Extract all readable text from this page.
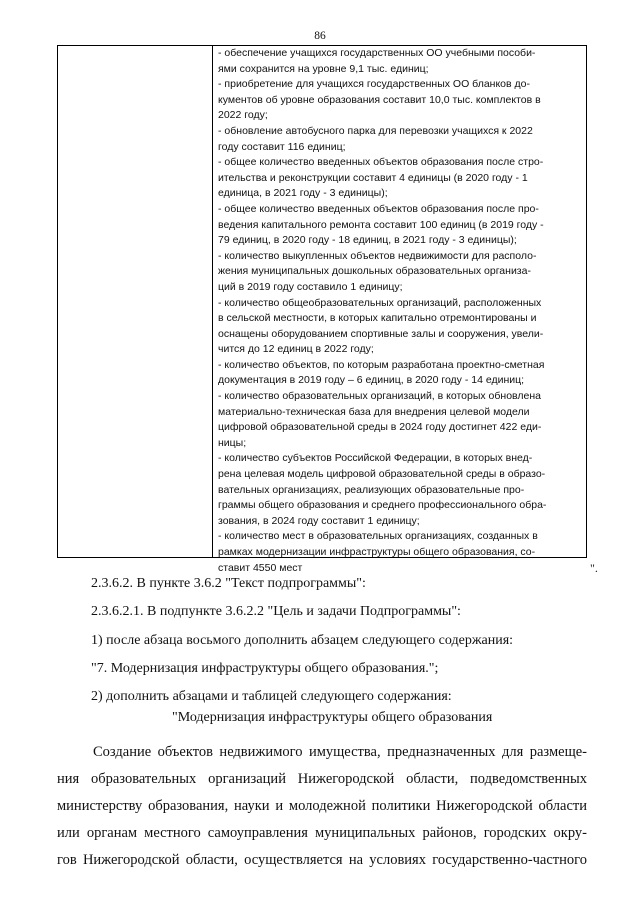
86
- обеспечение учащихся государственных ОО учебными пособи-
ями сохранится на уровне 9,1 тыс. единиц;
- приобретение для учащихся государственных ОО бланков до-
кументов об уровне образования составит 10,0 тыс. комплектов в
2022 году;
- обновление автобусного парка для перевозки учащихся к 2022
году составит 116 единиц;
- общее количество введенных объектов образования после стро-
ительства и реконструкции составит 4 единицы (в 2020 году - 1
единица, в 2021 году - 3 единицы);
- общее количество введенных объектов образования после про-
ведения капитального ремонта составит 100 единиц (в 2019 году -
79 единиц, в 2020 году - 18 единиц, в 2021 году - 3 единицы);
- количество выкупленных объектов недвижимости для располо-
жения муниципальных дошкольных образовательных организа-
ций в 2019 году составило 1 единицу;
- количество общеобразовательных организаций, расположенных
в сельской местности, в которых капитально отремонтированы и
оснащены оборудованием спортивные залы и сооружения, увели-
чится до 12 единиц в 2022 году;
- количество объектов, по которым разработана проектно-сметная
документация в 2019 году – 6 единиц, в 2020 году - 14 единиц;
- количество образовательных организаций, в которых обновлена
материально-техническая база для внедрения целевой модели
цифровой образовательной среды в 2024 году достигнет 422 еди-
ницы;
- количество субъектов Российской Федерации, в которых внед-
рена целевая модель цифровой образовательной среды в образо-
вательных организациях, реализующих образовательные про-
граммы общего образования и среднего профессионального обра-
зования, в 2024 году составит 1 единицу;
- количество мест в образовательных организациях, созданных в
рамках модернизации инфраструктуры общего образования, со-
ставит 4550 мест	".
2.3.6.2. В пункте 3.6.2 "Текст подпрограммы":
2.3.6.2.1. В подпункте 3.6.2.2 "Цель и задачи Подпрограммы":
1) после абзаца восьмого дополнить абзацем следующего содержания:
"7. Модернизация инфраструктуры общего образования.";
2) дополнить абзацами и таблицей следующего содержания:
"Модернизация инфраструктуры общего образования
Создание объектов недвижимого имущества, предназначенных для размеще-
ния образовательных организаций Нижегородской области, подведомственных
министерству образования, науки и молодежной политики Нижегородской области
или органам местного самоуправления муниципальных районов, городских окру-
гов Нижегородской области, осуществляется на условиях государственно-частного
